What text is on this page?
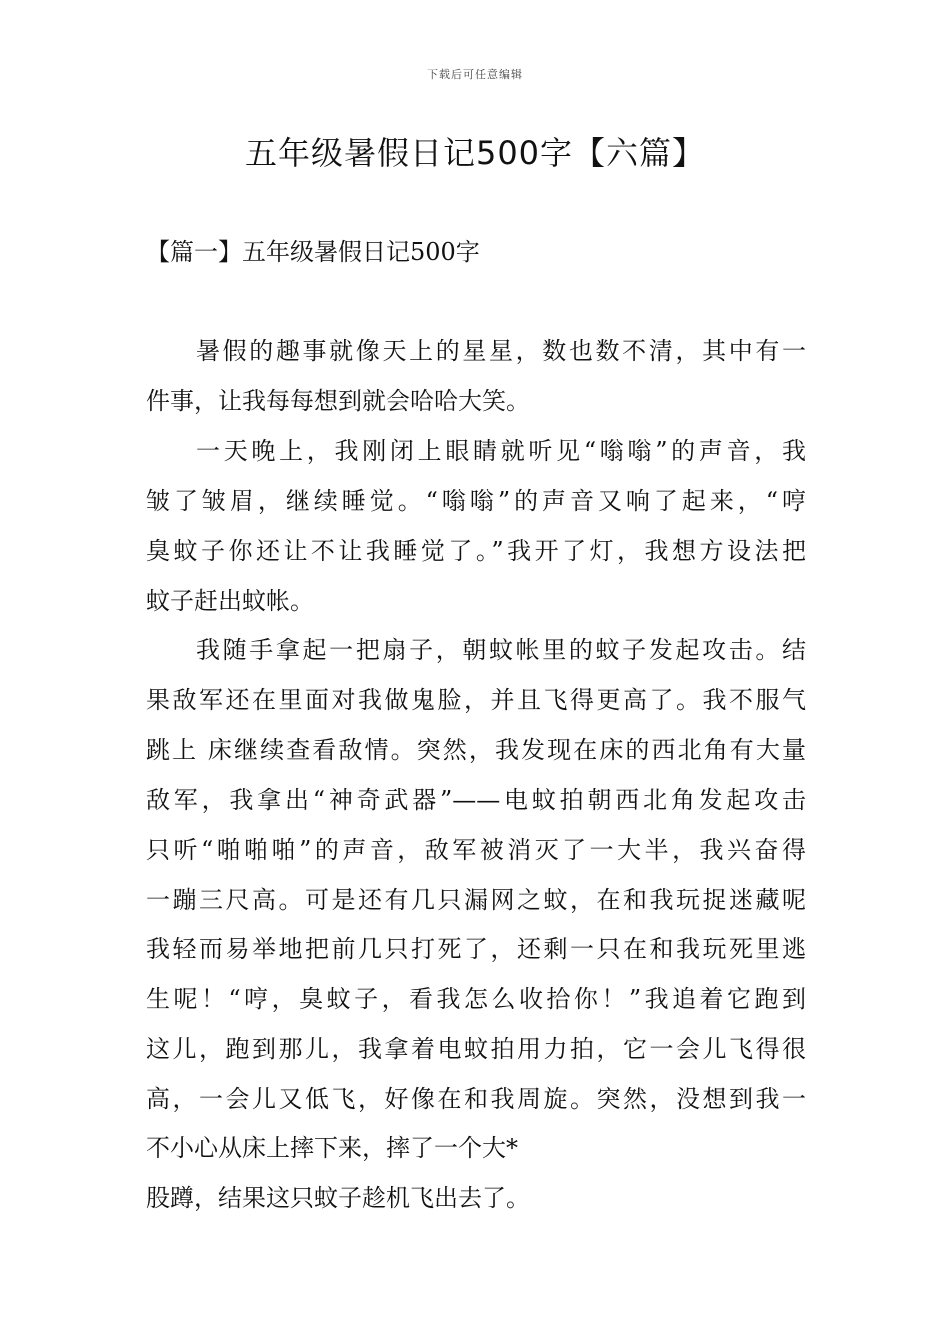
下载后可任意编辑
五年级暑假日记500字【六篇】
【篇一】五年级暑假日记500字
暑假的趣事就像天上的星星，数也数不清，其中有一
件事，让我每每想到就会哈哈大笑。
一天晚上，我刚闭上眼睛就听见“嗡嗡”的声音，我
皱了皱眉，继续睡觉。“嗡嗡”的声音又响了起来，“哼
臭蚊子你还让不让我睡觉了。”我开了灯，我想方设法把
蚊子赶出蚊帐。
我随手拿起一把扇子，朝蚊帐里的蚊子发起攻击。结
果敌军还在里面对我做鬼脸，并且飞得更高了。我不服气
跳上 床继续查看敌情。突然，我发现在床的西北角有大量
敌军，我拿出“神奇武器”——电蚊拍朝西北角发起攻击
只听“啪啪啪”的声音，敌军被消灭了一大半，我兴奋得
一蹦三尺高。可是还有几只漏网之蚊，在和我玩捉迷藏呢
我轻而易举地把前几只打死了，还剩一只在和我玩死里逃
生呢！“哼，臭蚊子，看我怎么收拾你！”我追着它跑到
这儿，跑到那儿，我拿着电蚊拍用力拍，它一会儿飞得很
高，一会儿又低飞，好像在和我周旋。突然，没想到我一
不小心从床上摔下来，摔了一个大*
股蹲，结果这只蚊子趁机飞出去了。
